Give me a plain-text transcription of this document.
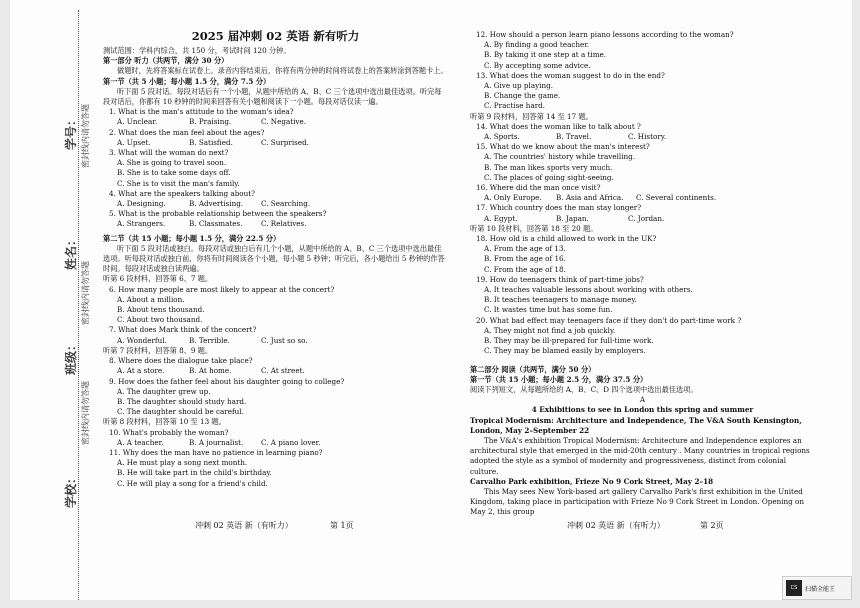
学号： 密封线内请勿答题
姓名：
密封线内请勿答题
班级：
密封线内请勿答题
学校：

2025 届冲刺 02 英语 新有听力

测试范围：学科内综合，共 150 分，考试时间 120 分钟。

第一部分 听力（共两节，满分 30 分）

做题时，先将答案标在试卷上。录音内容结束后，你将有两分钟的时间将试卷上的答案转涂到答题卡上。

第一节（共 5 小题；每小题 1.5 分，满分 7.5 分）

听下面 5 段对话。每段对话后有一个小题，从题中所给的 A、B、C 三个选项中选出最佳选项。听完每段对话后，你都有 10 秒钟的时间来回答有关小题和阅读下一小题。每段对话仅读一遍。

1. What is the man's attitude to the woman's idea?

A. Unclear.	B. Praising.	C. Negative.

2. What does the man feel about the ages?

A. Upset.	B. Satisfied.	C. Surprised.

3. What will the woman do next?

A. She is going to travel soon.

B. She is to take some days off.

C. She is to visit the man's family.

4. What are the speakers talking about?

A. Designing.	B. Advertising. C. Searching.

5. What is the probable relationship between the speakers?

A. Strangers.	B. Classmates.	C. Relatives.

第二节（共 15 小题；每小题 1.5 分，满分 22.5 分）

听下面 5 段对话或独白。每段对话或独白后有几个小题，从题中所给的 A、B、C 三个选项中选出最佳选项。听每段对话或独白前，你将有时间阅读各个小题，每小题 5 秒钟；听完后，各小题给出 5 秒钟的作答时间。每段对话或独白读两遍。

听第 6 段材料，回答第 6、7 题。

6. How many people are most likely to appear at the concert?

A. About a million.

B. About tens thousand.

C. About two thousand.

7. What does Mark think of the concert?

A. Wonderful.	B. Terrible.	C. Just so so.

听第 7 段材料，回答第 8、9 题。

8. Where does the dialogue take place?

A. At a store.	B. At home.	C. At street.

9. How does the father feel about his daughter going to college?

A. The daughter grew up.

B. The daughter should study hard.

C. The daughter should be careful.

听第 8 段材料，回答第 10 至 13 题。

10. What's probably the woman?

A. A teacher.	B. A journalist. C. A piano lover.

11. Why does the man have no patience in learning piano?

A. He must play a song next month.

B. He will take part in the child's birthday.

C. He will play a song for a friend's child.

12. How should a person learn piano lessons according to the woman?

A. By finding a good teacher.

B. By taking it one step at a time.

C. By accepting some advice.

13. What does the woman suggest to do in the end?

A. Give up playing.

B. Change the game.

C. Practise hard.

听第 9 段材料，回答第 14 至 17 题。

14. What does the woman like to talk about ?

A. Sports.	B. Travel.	C. History.

15. What do we know about the man's interest?

A. The countries' history while travelling.

B. The man likes sports very much.

C. The places of going sight-seeing.

16. Where did the man once visit?

A. Only Europe. B. Asia and Africa. C. Several continents.

17. Which country does the man stay longer?

A. Egypt.	B. Japan.	C. Jordan.

听第 10 段材料，回答第 18 至 20 题。

18. How old is a child allowed to work in the UK?

A. From the age of 13.

B. From the age of 16.

C. From the age of 18.

19. How do teenagers think of part-time jobs?

A. It teaches valuable lessons about working with others.

B. It teaches teenagers to manage money.

C. It wastes time but has some fun.

20. What bad effect may teenagers face if they don't do part-time work ?

A. They might not find a job quickly.

B. They may be ill-prepared for full-time work.

C. They may be blamed easily by employers.

第二部分 阅读（共两节，满分 50 分）

第一节（共 15 小题；每小题 2.5 分，满分 37.5 分）

阅读下列短文，从每题所给的 A、B、C、D 四个选项中选出最佳选项。

A

4 Exhibitions to see in London this spring and summer

Tropical Modernism: Architecture and Independence, The V&A South Kensington, London, May 2–September 22

The V&A's exhibition Tropical Modernism: Architecture and Independence explores an architectural style that emerged in the mid-20th century . Many countries in tropical regions adopted the style as a symbol of modernity and progressiveness, distinct from colonial culture.

Carvalho Park exhibition, Frieze No 9 Cork Street, May 2–18

This May sees New York-based art gallery Carvalho Park's first exhibition in the United Kingdom, taking place in participation with Frieze No 9 Cork Street in London. Opening on May 2, this group

冲刺 02 英语 新（有听力）	第 1页	冲刺 02 英语 新（有听力）	第 2页
CS	扫描全能王
